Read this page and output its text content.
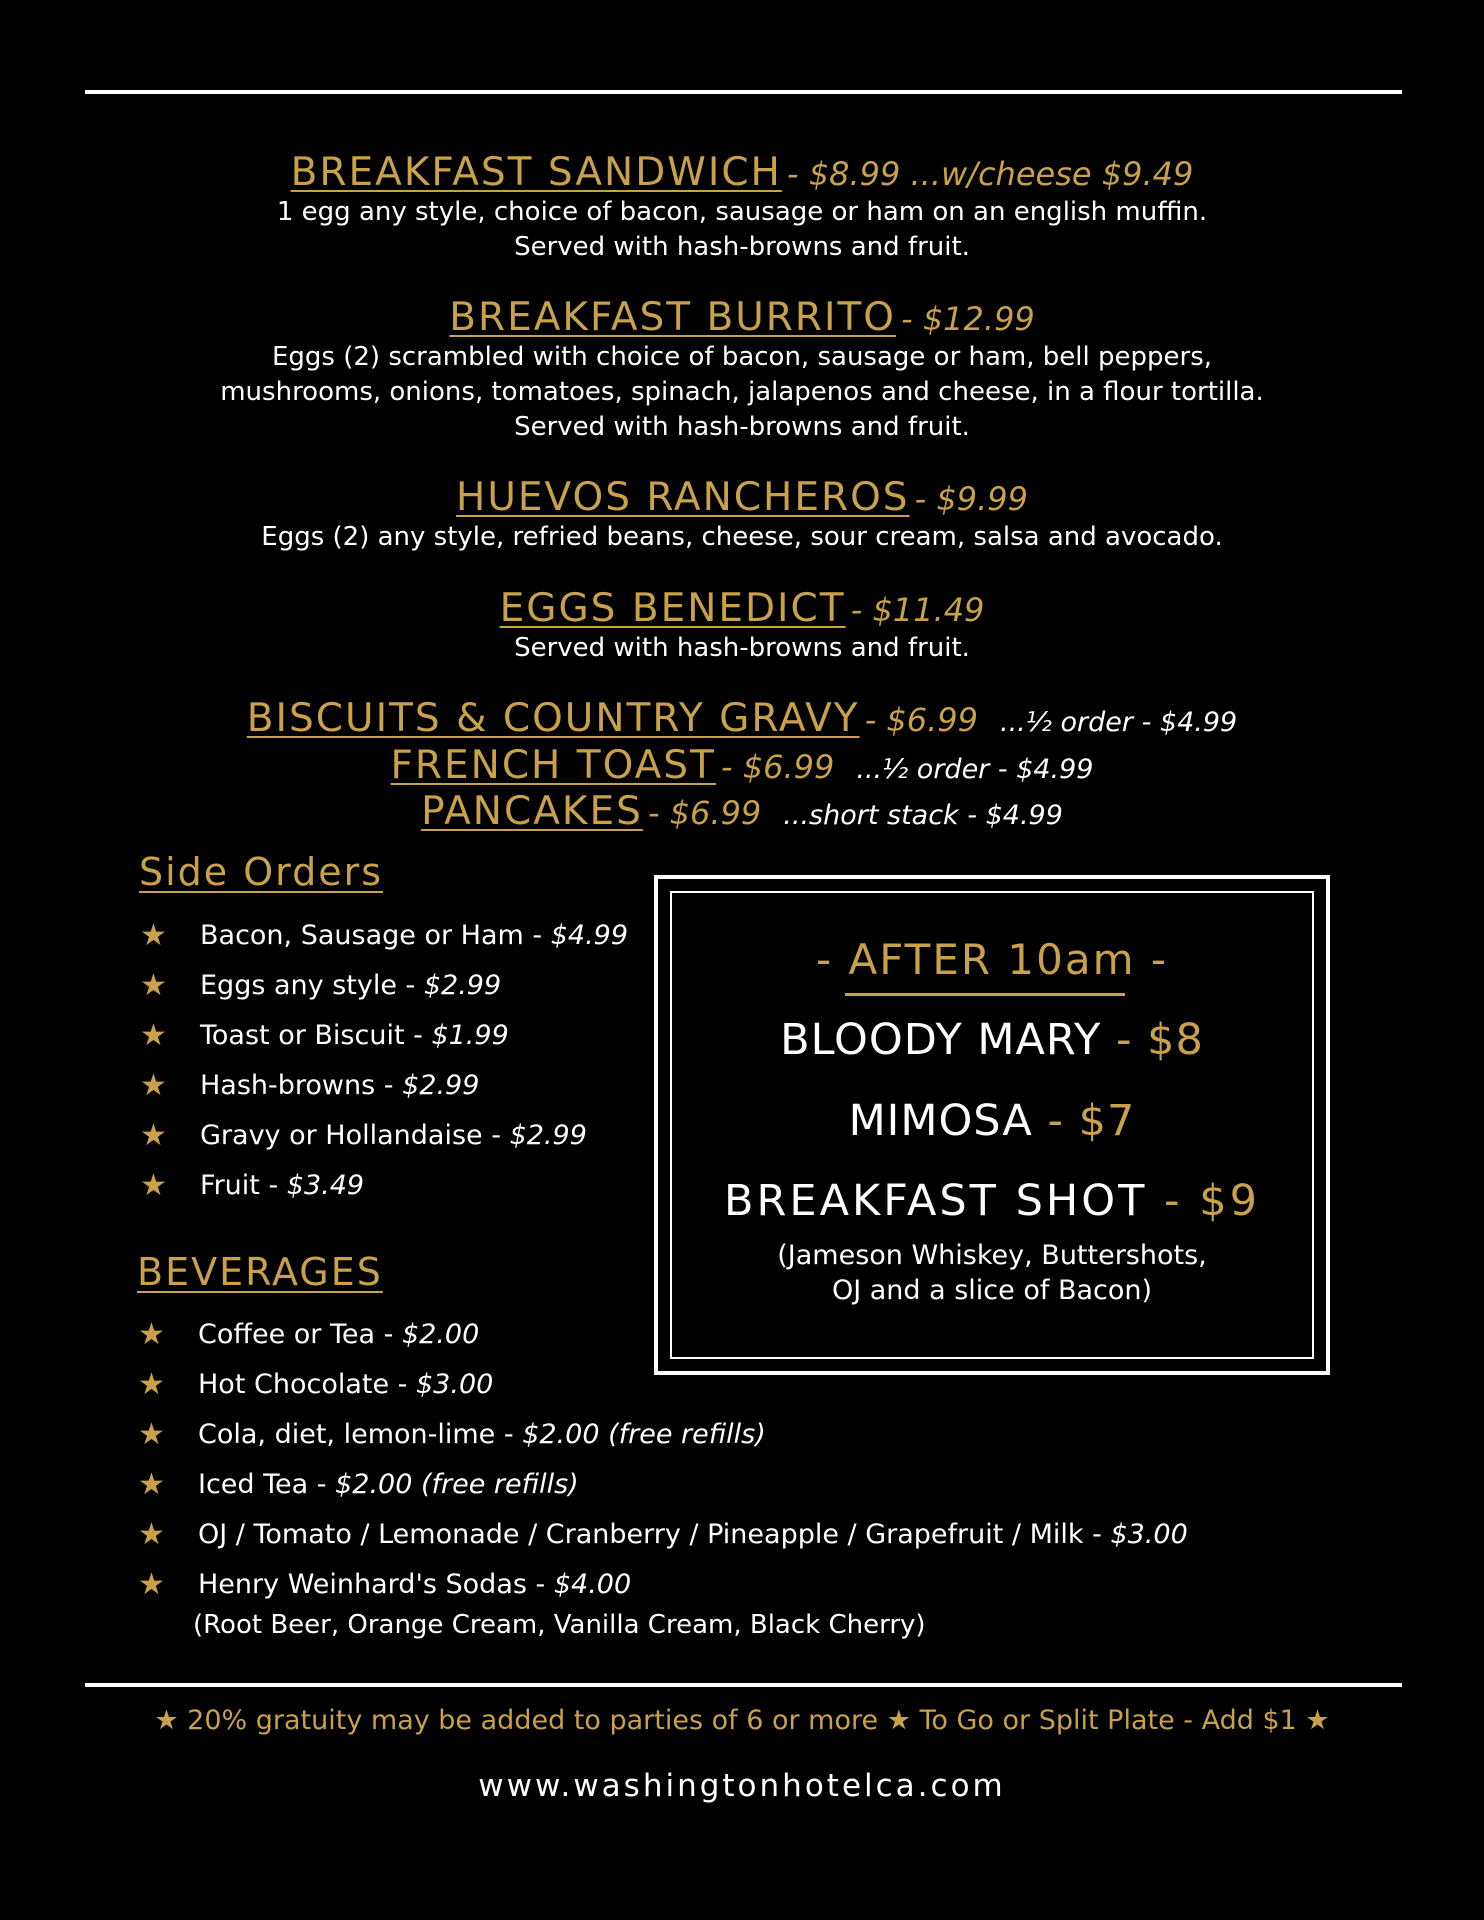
BREAKFAST SANDWICH - $8.99 ...w/cheese $9.49
1 egg any style, choice of bacon, sausage or ham on an english muffin.
Served with hash-browns and fruit.
BREAKFAST BURRITO - $12.99
Eggs (2) scrambled with choice of bacon, sausage or ham, bell peppers,
mushrooms, onions, tomatoes, spinach, jalapenos and cheese, in a flour tortilla.
Served with hash-browns and fruit.
HUEVOS RANCHEROS - $9.99
Eggs (2) any style, refried beans, cheese, sour cream, salsa and avocado.
EGGS BENEDICT - $11.49
Served with hash-browns and fruit.
BISCUITS & COUNTRY GRAVY - $6.99 ...½ order - $4.99
FRENCH TOAST - $6.99 ...½ order - $4.99
PANCAKES - $6.99 ...short stack - $4.99
Side Orders
★ Bacon, Sausage or Ham - $4.99
★ Eggs any style - $2.99
★ Toast or Biscuit - $1.99
★ Hash-browns - $2.99
★ Gravy or Hollandaise - $2.99
★ Fruit - $3.49
BEVERAGES
★ Coffee or Tea - $2.00
★ Hot Chocolate - $3.00
★ Cola, diet, lemon-lime - $2.00 (free refills)
★ Iced Tea - $2.00 (free refills)
★ OJ / Tomato / Lemonade / Cranberry / Pineapple / Grapefruit / Milk - $3.00
★ Henry Weinhard's Sodas - $4.00
(Root Beer, Orange Cream, Vanilla Cream, Black Cherry)
- AFTER 10am -
BLOODY MARY - $8
MIMOSA - $7
BREAKFAST SHOT - $9
(Jameson Whiskey, Buttershots,
OJ and a slice of Bacon)
★ 20% gratuity may be added to parties of 6 or more ★ To Go or Split Plate - Add $1 ★
www.washingtonhotelca.com
